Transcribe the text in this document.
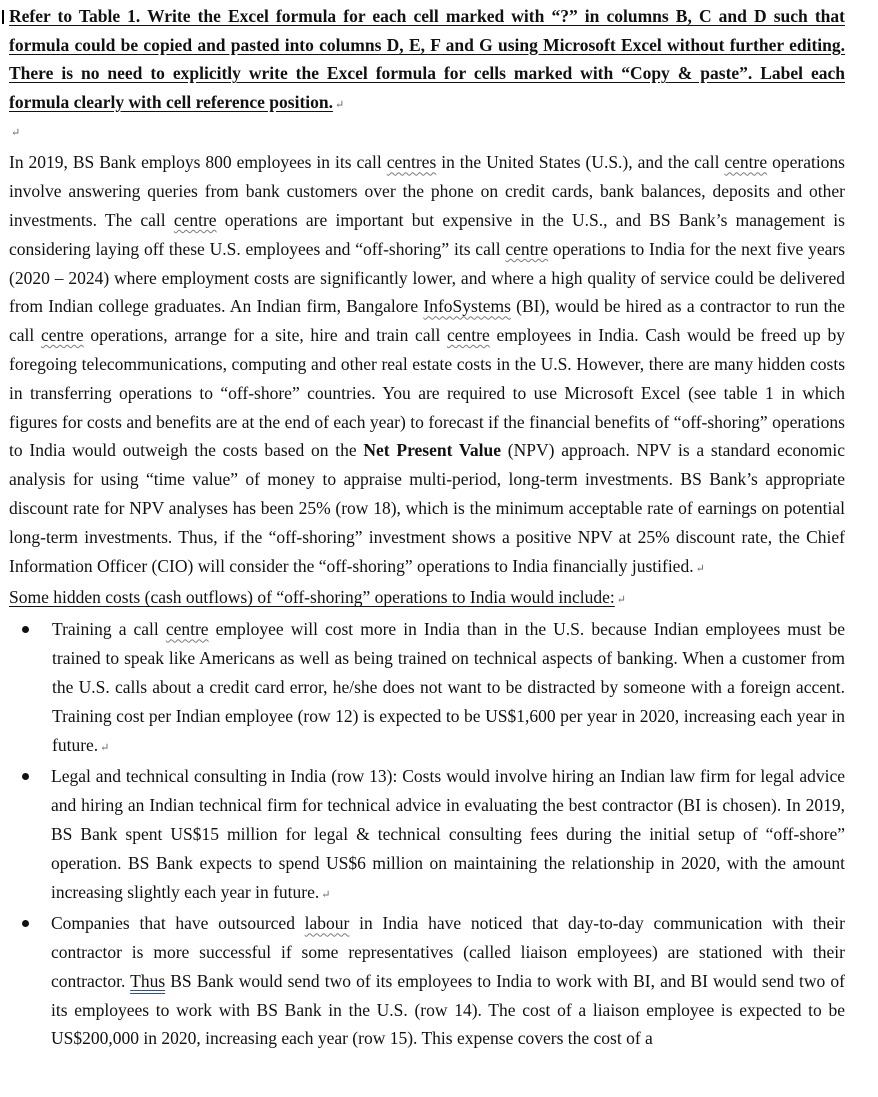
Refer to Table 1. Write the Excel formula for each cell marked with “?” in columns B, C and D such that formula could be copied and pasted into columns D, E, F and G using Microsoft Excel without further editing. There is no need to explicitly write the Excel formula for cells marked with “Copy & paste”. Label each formula clearly with cell reference position. ↵

↵

In 2019, BS Bank employs 800 employees in its call centres in the United States (U.S.), and the call centre operations involve answering queries from bank customers over the phone on credit cards, bank balances, deposits and other investments. The call centre operations are important but expensive in the U.S., and BS Bank’s management is considering laying off these U.S. employees and “off-shoring” its call centre operations to India for the next five years (2020 – 2024) where employment costs are significantly lower, and where a high quality of service could be delivered from Indian college graduates. An Indian firm, Bangalore InfoSystems (BI), would be hired as a contractor to run the call centre operations, arrange for a site, hire and train call centre employees in India. Cash would be freed up by foregoing telecommunications, computing and other real estate costs in the U.S. However, there are many hidden costs in transferring operations to “off-shore” countries. You are required to use Microsoft Excel (see table 1 in which figures for costs and benefits are at the end of each year) to forecast if the financial benefits of “off-shoring” operations to India would outweigh the costs based on the Net Present Value (NPV) approach. NPV is a standard economic analysis for using “time value” of money to appraise multi-period, long-term investments. BS Bank’s appropriate discount rate for NPV analyses has been 25% (row 18), which is the minimum acceptable rate of earnings on potential long-term investments. Thus, if the “off-shoring” investment shows a positive NPV at 25% discount rate, the Chief Information Officer (CIO) will consider the “off-shoring” operations to India financially justified. ↵

Some hidden costs (cash outflows) of “off-shoring” operations to India would include: ↵

Training a call centre employee will cost more in India than in the U.S. because Indian employees must be trained to speak like Americans as well as being trained on technical aspects of banking. When a customer from the U.S. calls about a credit card error, he/she does not want to be distracted by someone with a foreign accent. Training cost per Indian employee (row 12) is expected to be US$1,600 per year in 2020, increasing each year in future. ↵
Legal and technical consulting in India (row 13): Costs would involve hiring an Indian law firm for legal advice and hiring an Indian technical firm for technical advice in evaluating the best contractor (BI is chosen). In 2019, BS Bank spent US$15 million for legal & technical consulting fees during the initial setup of “off-shore” operation. BS Bank expects to spend US$6 million on maintaining the relationship in 2020, with the amount increasing slightly each year in future. ↵
Companies that have outsourced labour in India have noticed that day-to-day communication with their contractor is more successful if some representatives (called liaison employees) are stationed with their contractor. Thus BS Bank would send two of its employees to India to work with BI, and BI would send two of its employees to work with BS Bank in the U.S. (row 14). The cost of a liaison employee is expected to be US$200,000 in 2020, increasing each year (row 15). This expense covers the cost of a
